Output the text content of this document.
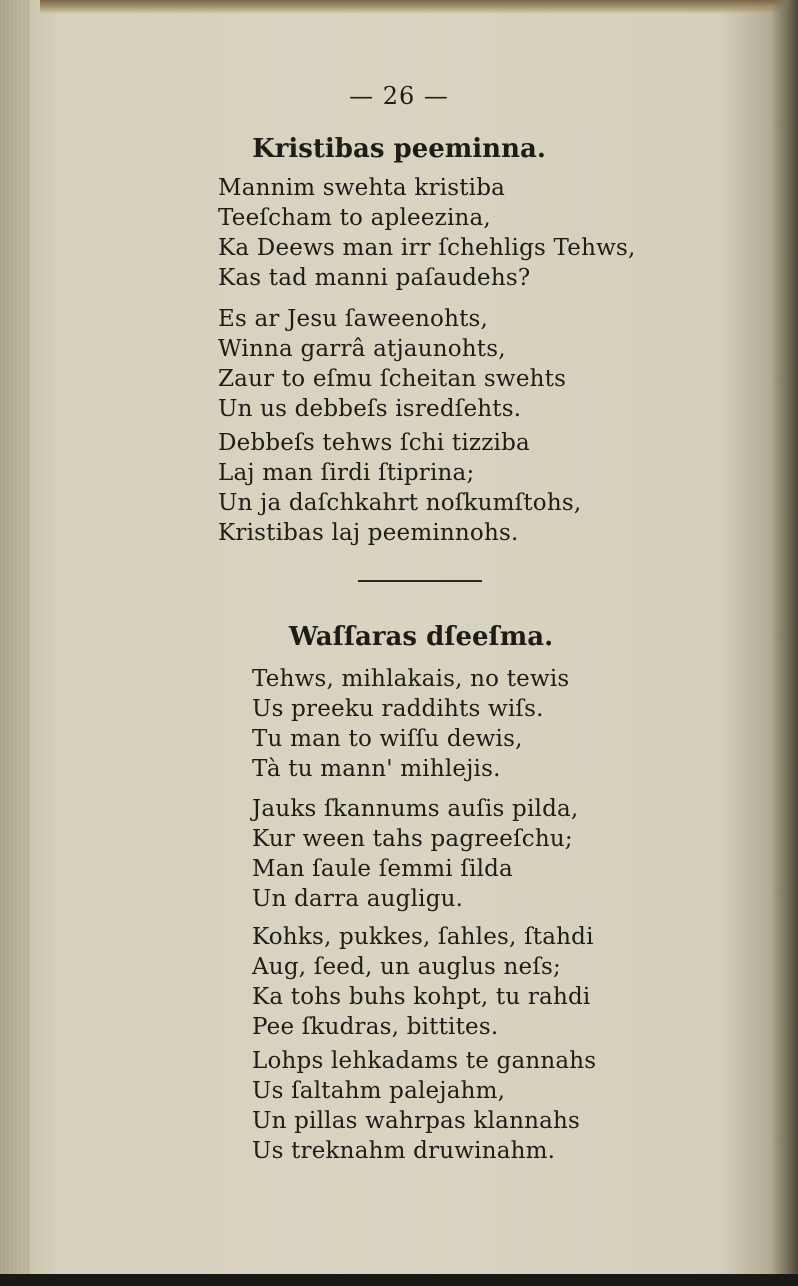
— 26 —
Kristibas peeminna.
Mannim swehta kristiba
Teeſcham to apleezina,
Ka Deews man irr ſchehligs Tehws,
Kas tad manni paſaudehs?
Es ar Jesu ſaweenohts,
Winna garrâ atjaunohts,
Zaur to eſmu ſcheitan swehts
Un us debbeſs isredſehts.
Debbeſs tehws ſchi tizziba
Laj man ſirdi ſtiprina;
Un ja daſchkahrt noſkumſtohs,
Kristibas laj peeminnohs.
Waſſaras dſeeſma.
Tehws, mihlakais, no tewis
Us preeku raddihts wiſs.
Tu man to wiſſu dewis,
Tà tu mann' mihlejis.
Jauks ſkannums auſis pilda,
Kur ween tahs pagreeſchu;
Man ſaule ſemmi ſilda
Un darra augligu.
Kohks, pukkes, ſahles, ſtahdi
Aug, ſeed, un auglus neſs;
Ka tohs buhs kohpt, tu rahdi
Pee ſkudras, bittites.
Lohps lehkadams te gannahs
Us ſaltahm palejahm,
Un pillas wahrpas klannahs
Us treknahm druwinahm.
